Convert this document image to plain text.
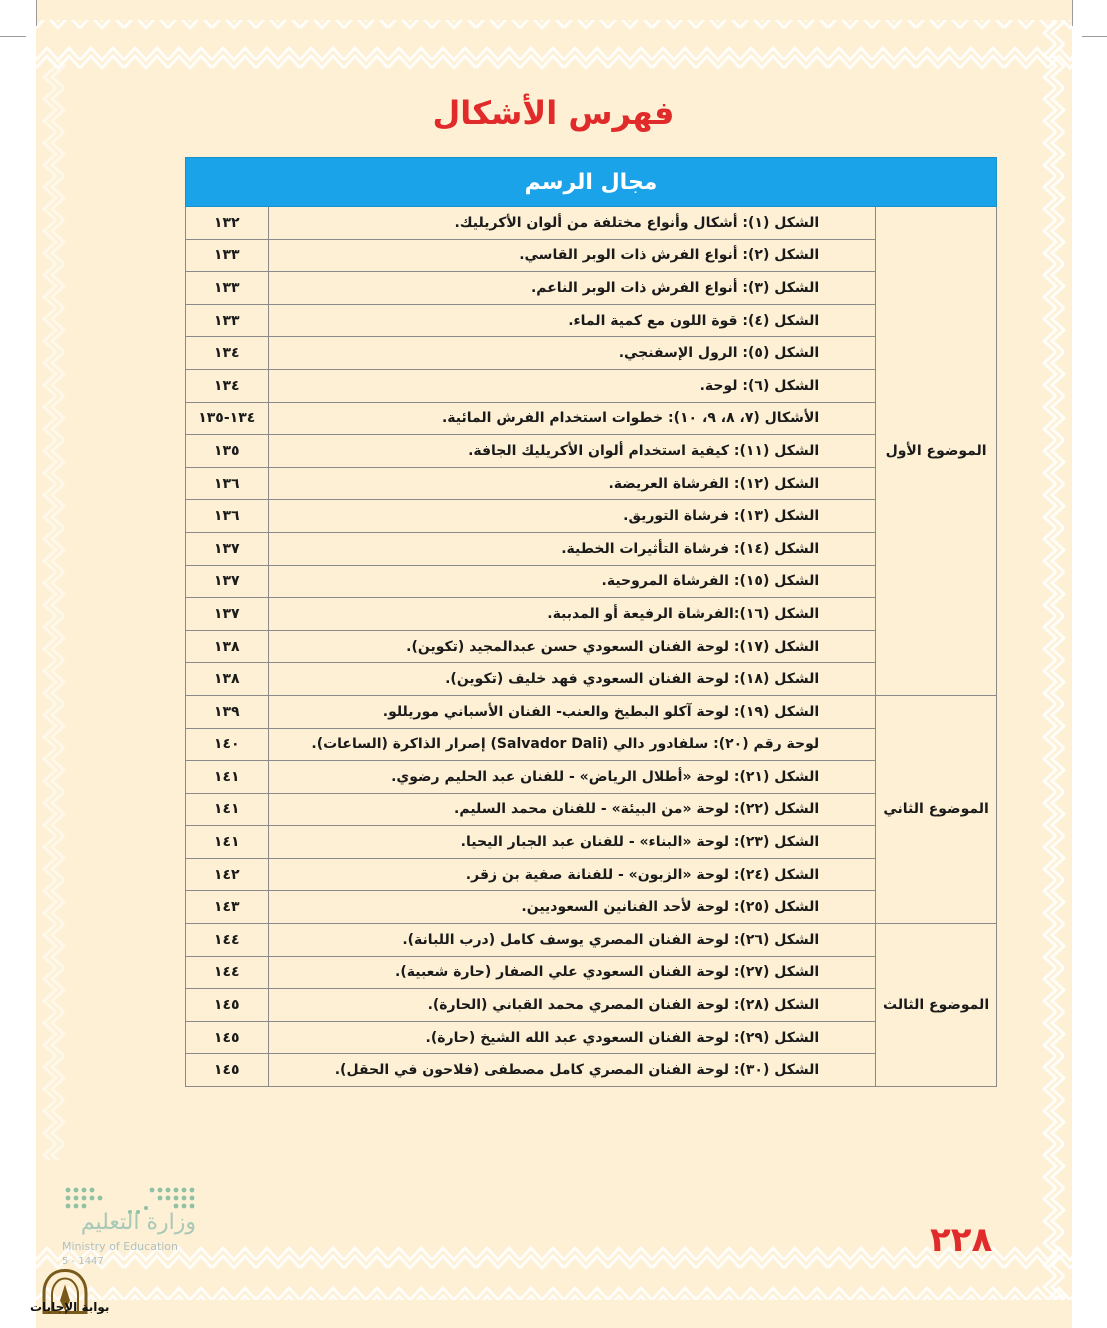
فهرس الأشكال
مجال الرسم		
الموضوع الأول	الشكل (١): أشكال وأنواع مختلفة من ألوان الأكريليك.	١٣٢
	الشكل (٢): أنواع الفرش ذات الوبر القاسي.	١٣٣
	الشكل (٣): أنواع الفرش ذات الوبر الناعم.	١٣٣
	الشكل (٤): قوة اللون مع كمية الماء.	١٣٣
	الشكل (٥): الرول الإسفنجي.	١٣٤
	الشكل (٦): لوحة.	١٣٤
	الأشكال (٧، ٨، ٩، ١٠): خطوات استخدام الفرش المائية.	١٣٤-١٣٥
	الشكل (١١): كيفية استخدام ألوان الأكريليك الجافة.	١٣٥
	الشكل (١٢): الفرشاة العريضة.	١٣٦
	الشكل (١٣): فرشاة التوريق.	١٣٦
	الشكل (١٤): فرشاة التأثيرات الخطية.	١٣٧
	الشكل (١٥): الفرشاة المروحية.	١٣٧
	الشكل (١٦):الفرشاة الرفيعة أو المدببة.	١٣٧
	الشكل (١٧): لوحة الفنان السعودي حسن عبدالمجيد (تكوين).	١٣٨
	الشكل (١٨): لوحة الفنان السعودي فهد خليف (تكوين).	١٣٨
الموضوع الثاني	الشكل (١٩): لوحة آكلو البطيخ والعنب- الفنان الأسباني موريللو.	١٣٩
	لوحة رقم (٢٠): سلفادور دالي (Salvador Dali) إصرار الذاكرة (الساعات).	١٤٠
	الشكل (٢١): لوحة «أطلال الرياض» - للفنان عبد الحليم رضوي.	١٤١
	الشكل (٢٢): لوحة «من البيئة» - للفنان محمد السليم.	١٤١
	الشكل (٢٣): لوحة «البناء» - للفنان عبد الجبار اليحيا.	١٤١
	الشكل (٢٤): لوحة «الزبون» - للفنانة صفية بن زقر.	١٤٢
	الشكل (٢٥): لوحة لأحد الفنانين السعوديين.	١٤٣
الموضوع الثالث	الشكل (٢٦): لوحة الفنان المصري يوسف كامل (درب اللبانة).	١٤٤
	الشكل (٢٧): لوحة الفنان السعودي علي الصفار (حارة شعبية).	١٤٤
	الشكل (٢٨): لوحة الفنان المصري محمد القباني (الحارة).	١٤٥
	الشكل (٢٩): لوحة الفنان السعودي عبد الله الشيخ (حارة).	١٤٥
	الشكل (٣٠): لوحة الفنان المصري كامل مصطفى (فلاحون في الحقل).	١٤٥
٢٢٨
وزارة التعليم
Ministry of Education
5 - 1447
بوابة الإجابات
